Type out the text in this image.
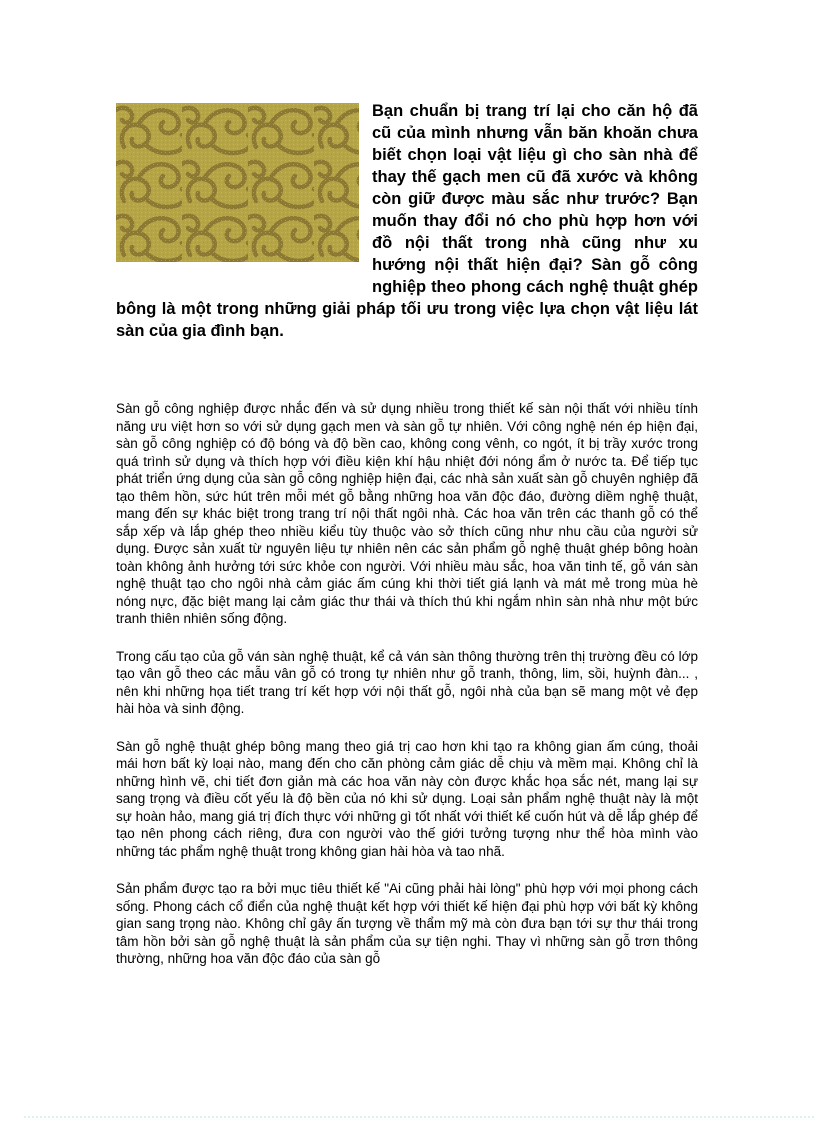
Bạn chuẩn bị trang trí lại cho căn hộ đã cũ của mình nhưng vẫn băn khoăn chưa biết chọn loại vật liệu gì cho sàn nhà để thay thế gạch men cũ đã xước và không còn giữ được màu sắc như trước? Bạn muốn thay đổi nó cho phù hợp hơn với đồ nội thất trong nhà cũng như xu hướng nội thất hiện đại? Sàn gỗ công nghiệp theo phong cách nghệ thuật ghép bông là một trong những giải pháp tối ưu trong việc lựa chọn vật liệu lát sàn của gia đình bạn.

Sàn gỗ công nghiệp được nhắc đến và sử dụng nhiều trong thiết kế sàn nội thất với nhiều tính năng ưu việt hơn so với sử dụng gạch men và sàn gỗ tự nhiên. Với công nghệ nén ép hiện đại, sàn gỗ công nghiệp có độ bóng và độ bền cao, không cong vênh, co ngót, ít bị trầy xước trong quá trình sử dụng và thích hợp với điều kiện khí hậu nhiệt đới nóng ẩm ở nước ta. Để tiếp tục phát triển ứng dụng của sàn gỗ công nghiệp hiện đại, các nhà sản xuất sàn gỗ chuyên nghiệp đã tạo thêm hồn, sức hút trên mỗi mét gỗ bằng những hoa văn độc đáo, đường diềm nghệ thuật, mang đến sự khác biệt trong trang trí nội thất ngôi nhà. Các hoa văn trên các thanh gỗ có thể sắp xếp và lắp ghép theo nhiều kiểu tùy thuộc vào sở thích cũng như nhu cầu của người sử dụng. Được sản xuất từ nguyên liệu tự nhiên nên các sản phẩm gỗ nghệ thuật ghép bông hoàn toàn không ảnh hưởng tới sức khỏe con người. Với nhiều màu sắc, hoa văn tinh tế, gỗ ván sàn nghệ thuật tạo cho ngôi nhà cảm giác ấm cúng khi thời tiết giá lạnh và mát mẻ trong mùa hè nóng nực, đặc biệt mang lại cảm giác thư thái và thích thú khi ngắm nhìn sàn nhà như một bức tranh thiên nhiên sống động.

Trong cấu tạo của gỗ ván sàn nghệ thuật, kể cả ván sàn thông thường trên thị trường đều có lớp tạo vân gỗ theo các mẫu vân gỗ có trong tự nhiên như gỗ tranh, thông, lim, sồi, huỳnh đàn... , nên khi những họa tiết trang trí kết hợp với nội thất gỗ, ngôi nhà của bạn sẽ mang một vẻ đẹp hài hòa và sinh động.

Sàn gỗ nghệ thuật ghép bông mang theo giá trị cao hơn khi tạo ra không gian ấm cúng, thoải mái hơn bất kỳ loại nào, mang đến cho căn phòng cảm giác dễ chịu và mềm mại. Không chỉ là những hình vẽ, chi tiết đơn giản mà các hoa văn này còn được khắc họa sắc nét, mang lại sự sang trọng và điều cốt yếu là độ bền của nó khi sử dụng. Loại sản phẩm nghệ thuật này là một sự hoàn hảo, mang giá trị đích thực với những gì tốt nhất với thiết kế cuốn hút và dễ lắp ghép để tạo nên phong cách riêng, đưa con người vào thế giới tưởng tượng như thể hòa mình vào những tác phẩm nghệ thuật trong không gian hài hòa và tao nhã.

Sản phẩm được tạo ra bởi mục tiêu thiết kế "Ai cũng phải hài lòng" phù hợp với mọi phong cách sống. Phong cách cổ điển của nghệ thuật kết hợp với thiết kế hiện đại phù hợp với bất kỳ không gian sang trọng nào. Không chỉ gây ấn tượng về thẩm mỹ mà còn đưa bạn tới sự thư thái trong tâm hồn bởi sàn gỗ nghệ thuật là sản phẩm của sự tiện nghi. Thay vì những sàn gỗ trơn thông thường, những hoa văn độc đáo của sàn gỗ
